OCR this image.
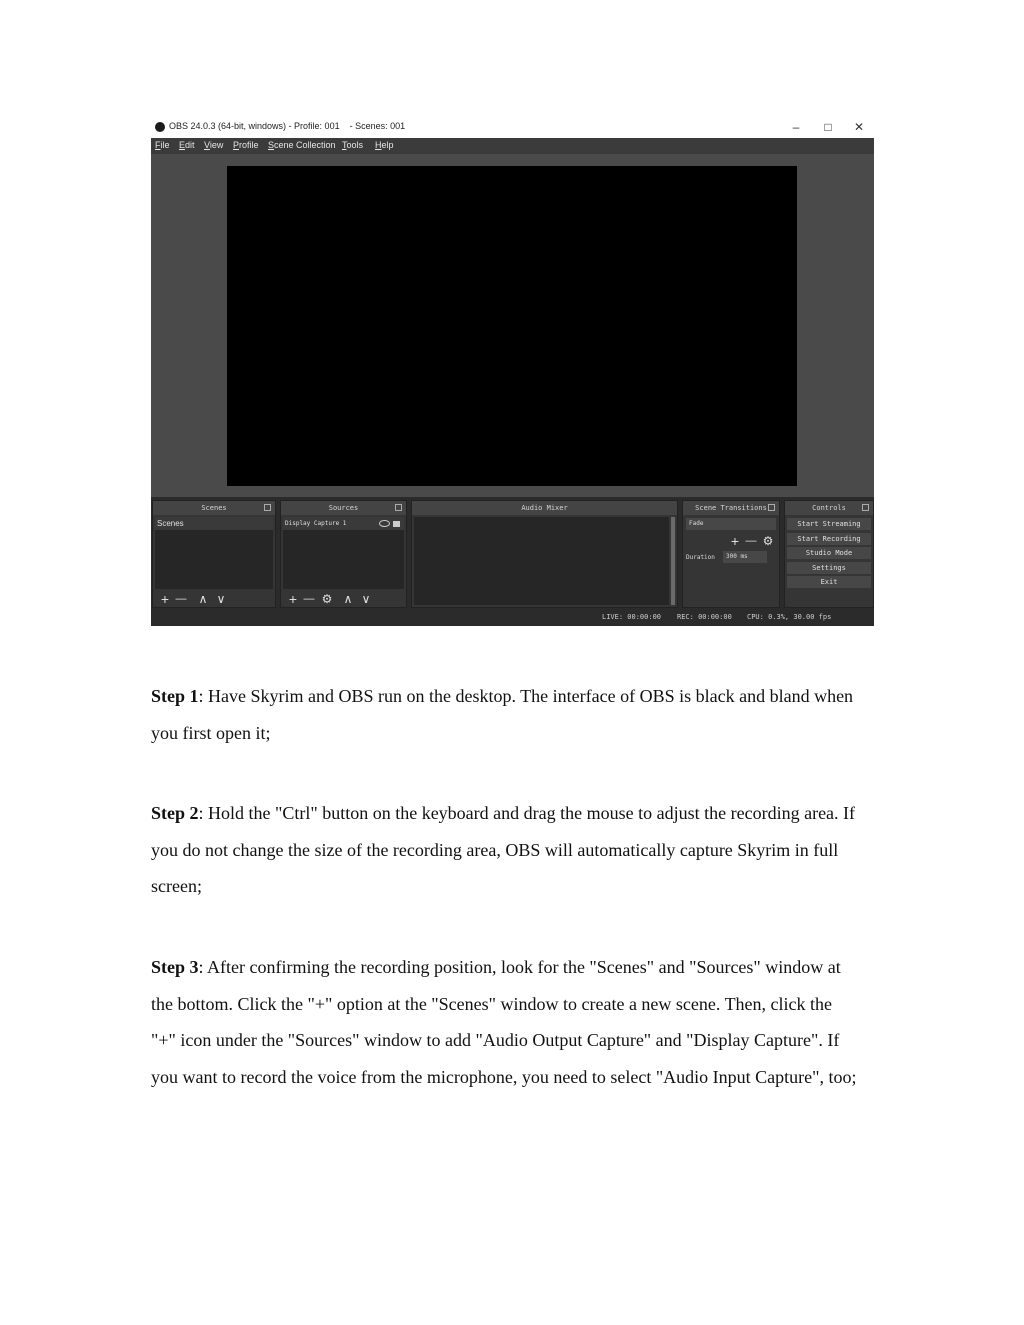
OBS 24.0.3 (64-bit, windows) - Profile: 001    - Scenes: 001	–	□	✕
File Edit View Profile Scene Collection Tools Help
Scenes
Scenes
+ — ∧ ∨
Sources
Display Capture 1
+ — ⚙ ∧ ∨
Audio Mixer	Scene Transitions
Fade
+ — ⚙
Duration	300 ms
Controls
Start Streaming
Start Recording
Studio Mode
Settings
Exit
LIVE: 00:00:00 REC: 00:00:00 CPU: 0.3%, 30.00 fps

Step 1: Have Skyrim and OBS run on the desktop. The interface of OBS is black and bland when you first open it;

Step 2: Hold the "Ctrl" button on the keyboard and drag the mouse to adjust the recording area. If you do not change the size of the recording area, OBS will automatically capture Skyrim in full screen;

Step 3: After confirming the recording position, look for the "Scenes" and "Sources" window at the bottom. Click the "+" option at the "Scenes" window to create a new scene. Then, click the "+" icon under the "Sources" window to add "Audio Output Capture" and "Display Capture". If you want to record the voice from the microphone, you need to select "Audio Input Capture", too;
